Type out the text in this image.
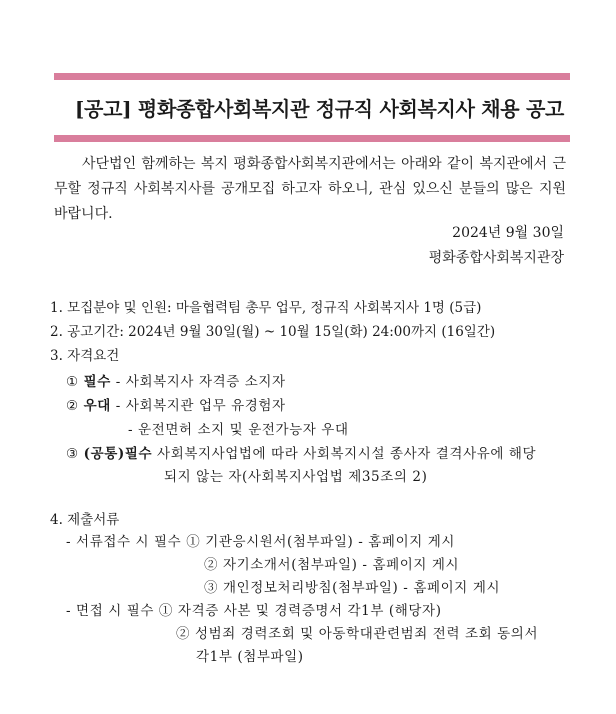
[공고] 평화종합사회복지관 정규직 사회복지사 채용 공고

사단법인 함께하는 복지 평화종합사회복지관에서는 아래와 같이 복지관에서 근무할 정규직 사회복지사를 공개모집 하고자 하오니, 관심 있으신 분들의 많은 지원 바랍니다.

2024년 9월 30일
평화종합사회복지관장
1. 모집분야 및 인원: 마을협력팀 총무 업무, 정규직 사회복지사 1명 (5급)
2. 공고기간: 2024년 9월 30일(월) ~ 10월 15일(화) 24:00까지 (16일간)
3. 자격요건
① 필수 - 사회복지사 자격증 소지자
② 우대 - 사회복지관 업무 유경험자
- 운전면허 소지 및 운전가능자 우대
③ (공통)필수 사회복지사업법에 따라 사회복지시설 종사자 결격사유에 해당
되지 않는 자(사회복지사업법 제35조의 2)
4. 제출서류
- 서류접수 시 필수 ① 기관응시원서(첨부파일) - 홈페이지 게시
② 자기소개서(첨부파일) - 홈페이지 게시
③ 개인정보처리방침(첨부파일) - 홈페이지 게시
- 면접 시 필수 ① 자격증 사본 및 경력증명서 각1부 (해당자)
② 성범죄 경력조회 및 아동학대관련범죄 전력 조회 동의서
각1부 (첨부파일)
